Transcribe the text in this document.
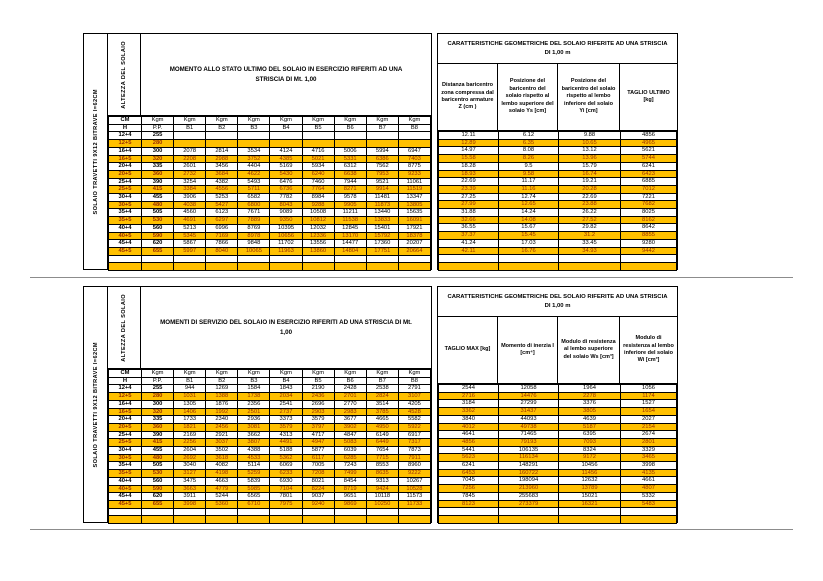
SOLAIO TRAVETTI 9X12 BITRAVE I=62CM
ALTEZZA DEL SOLAIO	MOMENTO ALLO STATO ULTIMO DEL SOLAIO IN ESERCIZIO RIFERITI AD UNA STRISCIA DI Mt. 1,00
CM	Kgm	Kgm	Kgm	Kgm	Kgm	Kgm	Kgm	Kgm	Kgm
H	P.P.	B1	B2	B3	B4	B5	B6	B7	B8
12+4	255								
12+5	280								
16+4	300	2078	2814	3534	4124	4716	5006	5994	6947
16+5	320	2208	2988	3752	4385	5021	5331	6386	7403
20+4	335	2601	3456	4404	5169	5934	6312	7562	8775
20+5	360	2732	3684	4622	5430	6240	6638	7953	9233
25+4	390	3254	4382	5493	6476	7460	7944	9521	11061
25+5	415	3384	4556	5711	6736	7764	8271	9914	11519
30+4	455	3906	5253	6582	7782	8984	9578	11481	13347
30+5	480	4038	5427	6800	8043	9288	9905	11873	13805
35+4	505	4560	6123	7671	9089	10508	11211	13440	15635
35+5	530	4691	6297	7889	9350	10812	11538	13833	16091
40+4	560	5213	6996	8769	10395	12032	12845	15401	17921
40+5	590	5345	7169	8978	10656	12336	13170	15792	18378
45+4	620	5867	7866	9848	11702	13556	14477	17360	20207
45+5	655	5997	8040	10065	11963	13860	14804	17751	20664

CARATTERISTICHE GEOMETRICHE DEL SOLAIO RIFERITE AD UNA STRISCIA DI 1,00 m
Distanza baricentro zona compressa dal baricentro armature Z (cm )
Posizione del baricentro del solaio rispetto al lembo superiore del solaio Ys [cm]
Posizione del baricentro del solaio rispetto al lembo inferiore del solaio Yi [cm]
TAGLIO ULTIMO [kg]
12.11	6.12	9.88	4856
12.89	6.35	10.65	4965
14.97	8.08	13.12	5621
15.58	8.26	13.96	5744
18.28	9.5	15.79	6241
18.93	9.58	16.74	6423
22.69	11.17	19.21	6885
23.39	11.16	20.28	7012
27.25	12.74	22.69	7221
27.99	12.65	23.88	7682
31.88	14.24	26.22	8025
32.66	14.08	27.52	8162
36.55	15.67	29.82	8642
37.37	15.45	31.2	8855
41.24	17.03	33.45	9280
42.11	16.76	34.93	9442

SOLAIO TRAVETTI 9X12 BITRAVE I=62CM
ALTEZZA DEL SOLAIO	MOMENTI DI SERVIZIO DEL SOLAIO IN ESERCIZIO RIFERITI AD UNA STRISCIA DI Mt. 1,00
CM	Kgm	Kgm	Kgm	Kgm	Kgm	Kgm	Kgm	Kgm	Kgm
H	P.P.	B1	B2	B3	B4	B5	B6	B7	B8
12+4	255	944	1269	1584	1843	2190	2428	2538	2791
12+5	280	1031	1388	1738	2034	2436	2701	2824	3107
16+4	300	1305	1876	2356	2541	2696	2770	3514	4205
16+5	320	1406	1992	2501	2737	2903	2983	3785	4528
20+4	335	1733	2340	2936	3373	3579	3677	4665	5582
20+5	360	1821	2456	3081	3579	3797	3902	4950	5922
25+4	390	2169	2921	3662	4313	4717	4847	6149	6917
25+5	415	2256	3037	3807	4491	4947	5083	6449	7317
30+4	455	2604	3502	4388	5188	5877	6039	7654	7873
30+5	480	2692	3618	4533	5362	6117	6285	7715	7911
35+4	505	3040	4082	5114	6069	7005	7243	8553	8960
35+5	530	3127	4198	5259	6233	7208	7499	8635	9222
40+4	560	3475	4663	5839	6930	8021	8454	9313	10267
40+5	590	3663	4779	5985	7104	8224	8719	9424	10528
45+4	620	3911	5244	6565	7801	9037	9651	10118	11573
45+5	655	3998	5360	6710	7975	9240	9869	10250	11733

CARATTERISTICHE GEOMETRICHE DEL SOLAIO RIFERITE AD UNA STRISCIA DI 1,00 m
TAGLIO MAX [kg]
Momento di inerzia I [cm⁴]
Modulo di resistenza al lembo superiore del solaio Ws [cm³]
Modulo di resistenza al lembo inferiore del solaio Wi [cm³]
2544	12058	1964	1056
2716	14476	2278	1174
3184	27299	3376	1527
3362	31437	3805	1654
3840	44093	4639	2027
4012	49738	5187	2154
4641	71465	6395	2674
4856	79193	7093	2801
5441	106135	8324	3329
5623	116134	9172	3465
6241	148291	10456	3998
6453	160722	11456	4135
7045	198094	12632	4661
7256	213960	13789	4807
7845	255683	15021	5332
8123	273379	16321	5483
